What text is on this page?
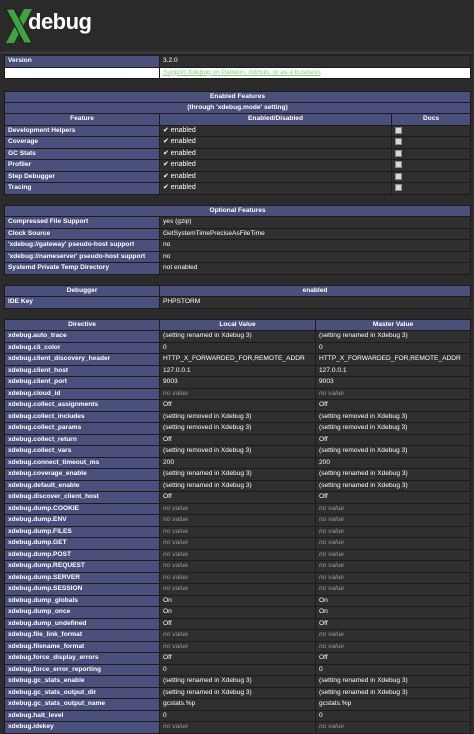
debug
Version	3.2.0
	Support Xdebug on Patreon, GitHub, or as a business
Enabled Features		
(through 'xdebug.mode' setting)		
Feature	Enabled/Disabled	Docs
Development Helpers	✔ enabled	
Coverage	✔ enabled	
GC Stats	✔ enabled	
Profiler	✔ enabled	
Step Debugger	✔ enabled	
Tracing	✔ enabled	
Optional Features	
Compressed File Support	yes (gzip)
Clock Source	GetSystemTimePreciseAsFileTime
'xdebug://gateway' pseudo-host support	no
'xdebug://nameserver' pseudo-host support	no
Systemd Private Temp Directory	not enabled
Debugger	enabled
IDE Key	PHPSTORM
Directive	Local Value	Master Value
xdebug.auto_trace	(setting renamed in Xdebug 3)	(setting renamed in Xdebug 3)
xdebug.cli_color	0	0
xdebug.client_discovery_header	HTTP_X_FORWARDED_FOR,REMOTE_ADDR	HTTP_X_FORWARDED_FOR,REMOTE_ADDR
xdebug.client_host	127.0.0.1	127.0.0.1
xdebug.client_port	9003	9003
xdebug.cloud_id	no value	no value
xdebug.collect_assignments	Off	Off
xdebug.collect_includes	(setting removed in Xdebug 3)	(setting removed in Xdebug 3)
xdebug.collect_params	(setting removed in Xdebug 3)	(setting removed in Xdebug 3)
xdebug.collect_return	Off	Off
xdebug.collect_vars	(setting removed in Xdebug 3)	(setting removed in Xdebug 3)
xdebug.connect_timeout_ms	200	200
xdebug.coverage_enable	(setting renamed in Xdebug 3)	(setting renamed in Xdebug 3)
xdebug.default_enable	(setting renamed in Xdebug 3)	(setting renamed in Xdebug 3)
xdebug.discover_client_host	Off	Off
xdebug.dump.COOKIE	no value	no value
xdebug.dump.ENV	no value	no value
xdebug.dump.FILES	no value	no value
xdebug.dump.GET	no value	no value
xdebug.dump.POST	no value	no value
xdebug.dump.REQUEST	no value	no value
xdebug.dump.SERVER	no value	no value
xdebug.dump.SESSION	no value	no value
xdebug.dump_globals	On	On
xdebug.dump_once	On	On
xdebug.dump_undefined	Off	Off
xdebug.file_link_format	no value	no value
xdebug.filename_format	no value	no value
xdebug.force_display_errors	Off	Off
xdebug.force_error_reporting	0	0
xdebug.gc_stats_enable	(setting renamed in Xdebug 3)	(setting renamed in Xdebug 3)
xdebug.gc_stats_output_dir	(setting renamed in Xdebug 3)	(setting renamed in Xdebug 3)
xdebug.gc_stats_output_name	gcstats.%p	gcstats.%p
xdebug.halt_level	0	0
xdebug.idekey	no value	no value
